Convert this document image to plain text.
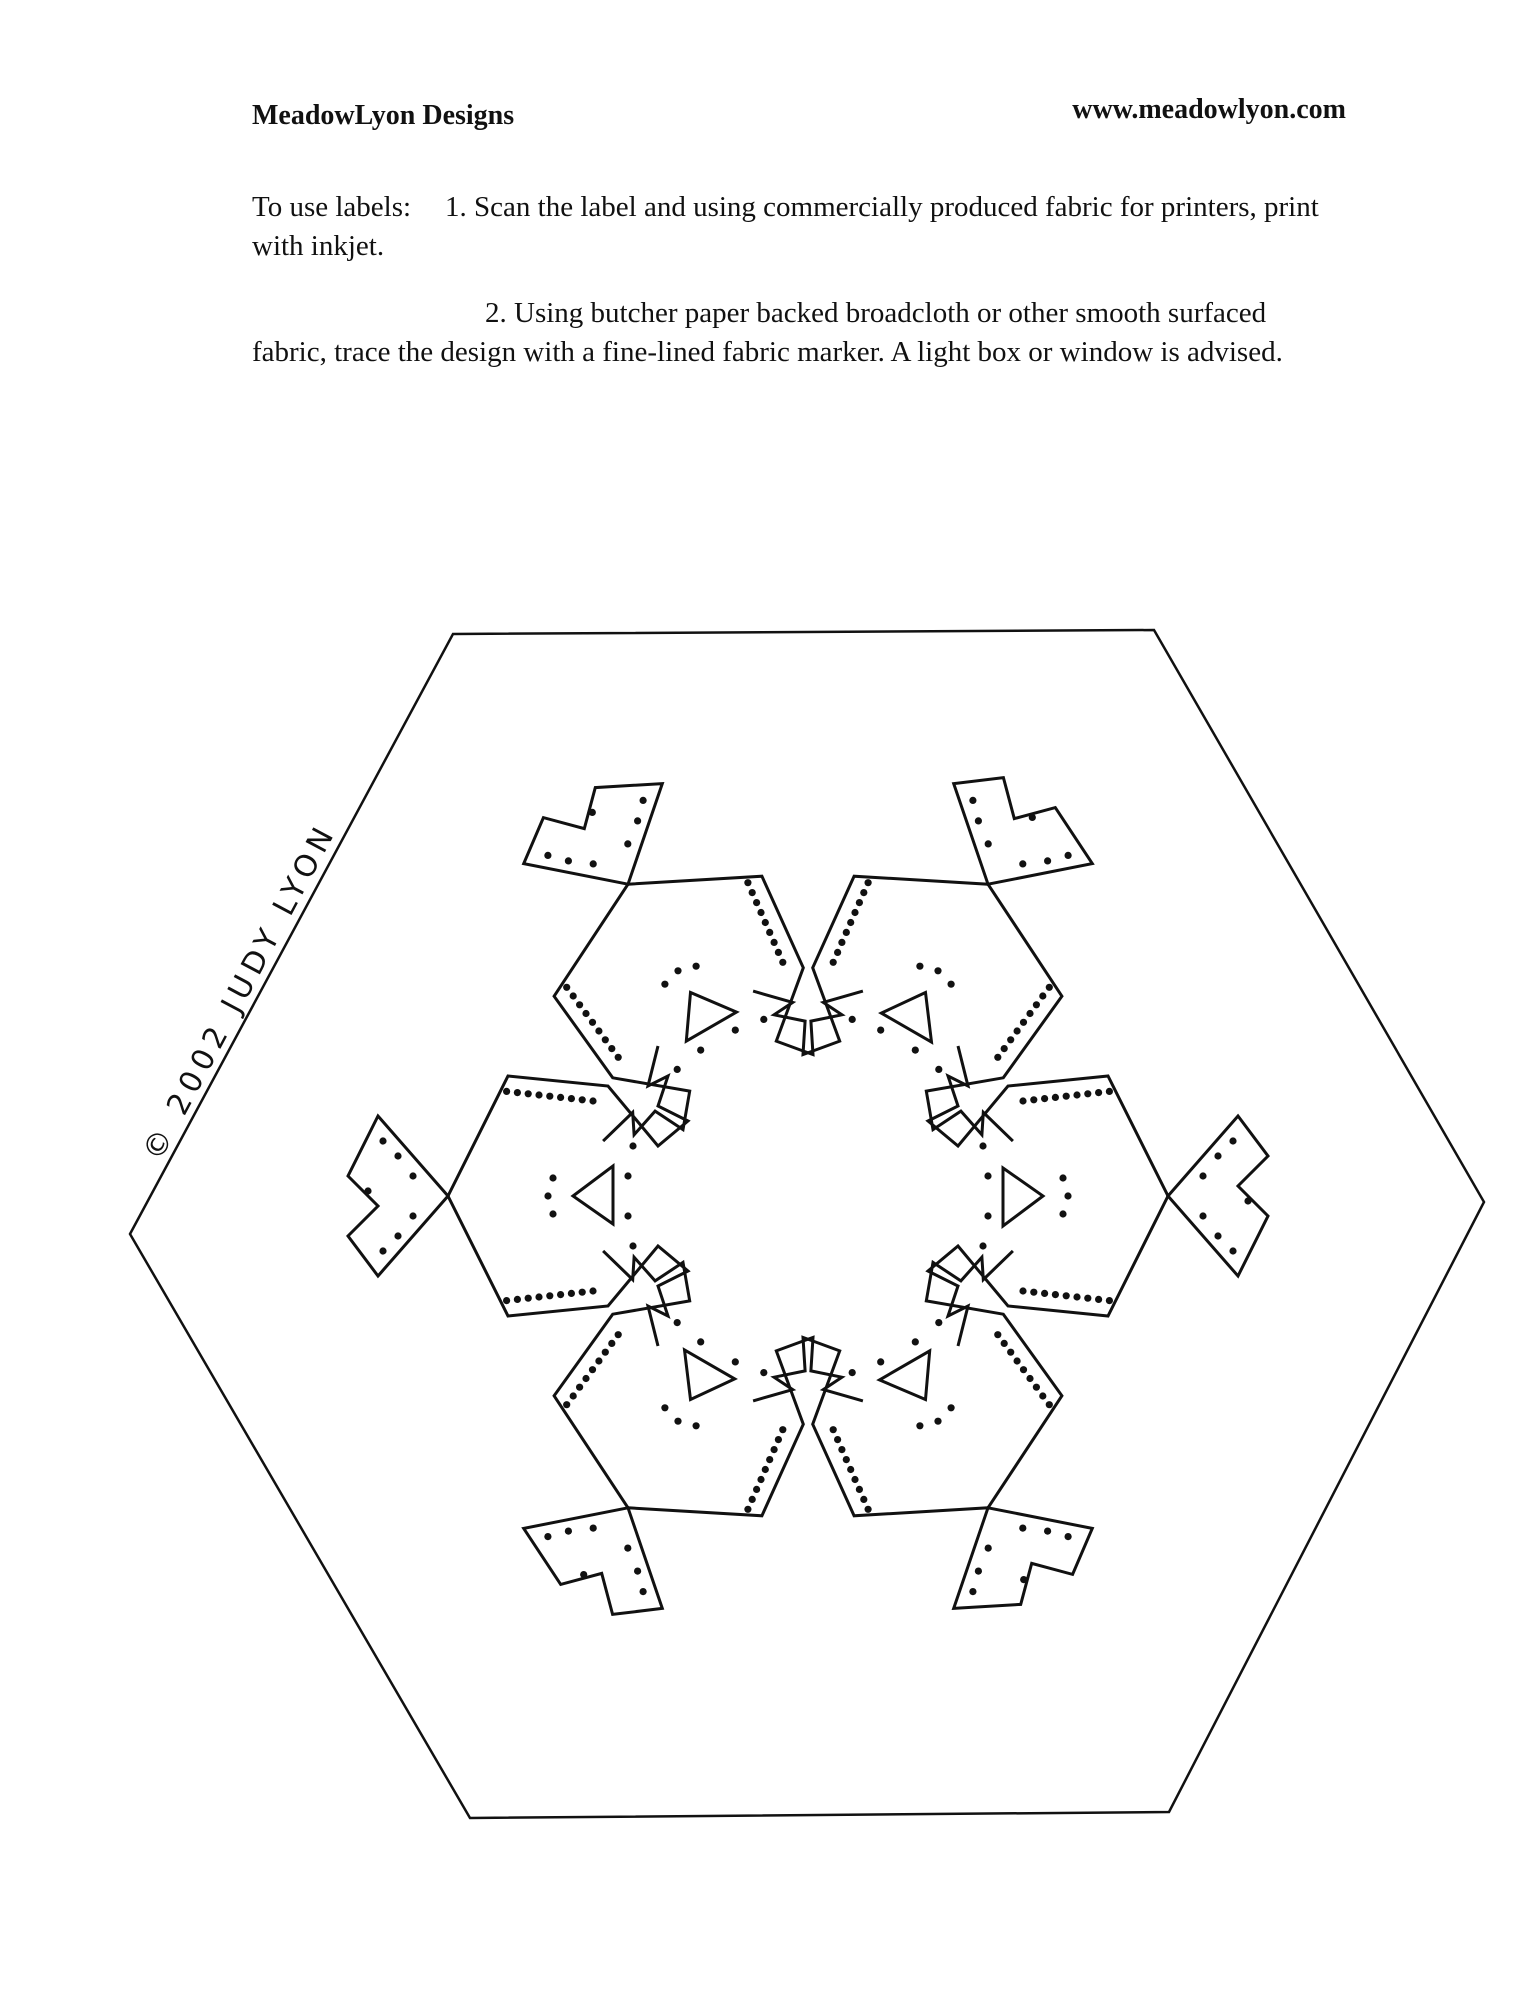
MeadowLyon Designs	www.meadowlyon.com

To use labels: 1. Scan the label and using commercially produced fabric for printers, print with inkjet.

2. Using butcher paper backed broadcloth or other smooth surfaced fabric, trace the design with a fine-lined fabric marker. A light box or window is advised.

© 2002 JUDY LYON
